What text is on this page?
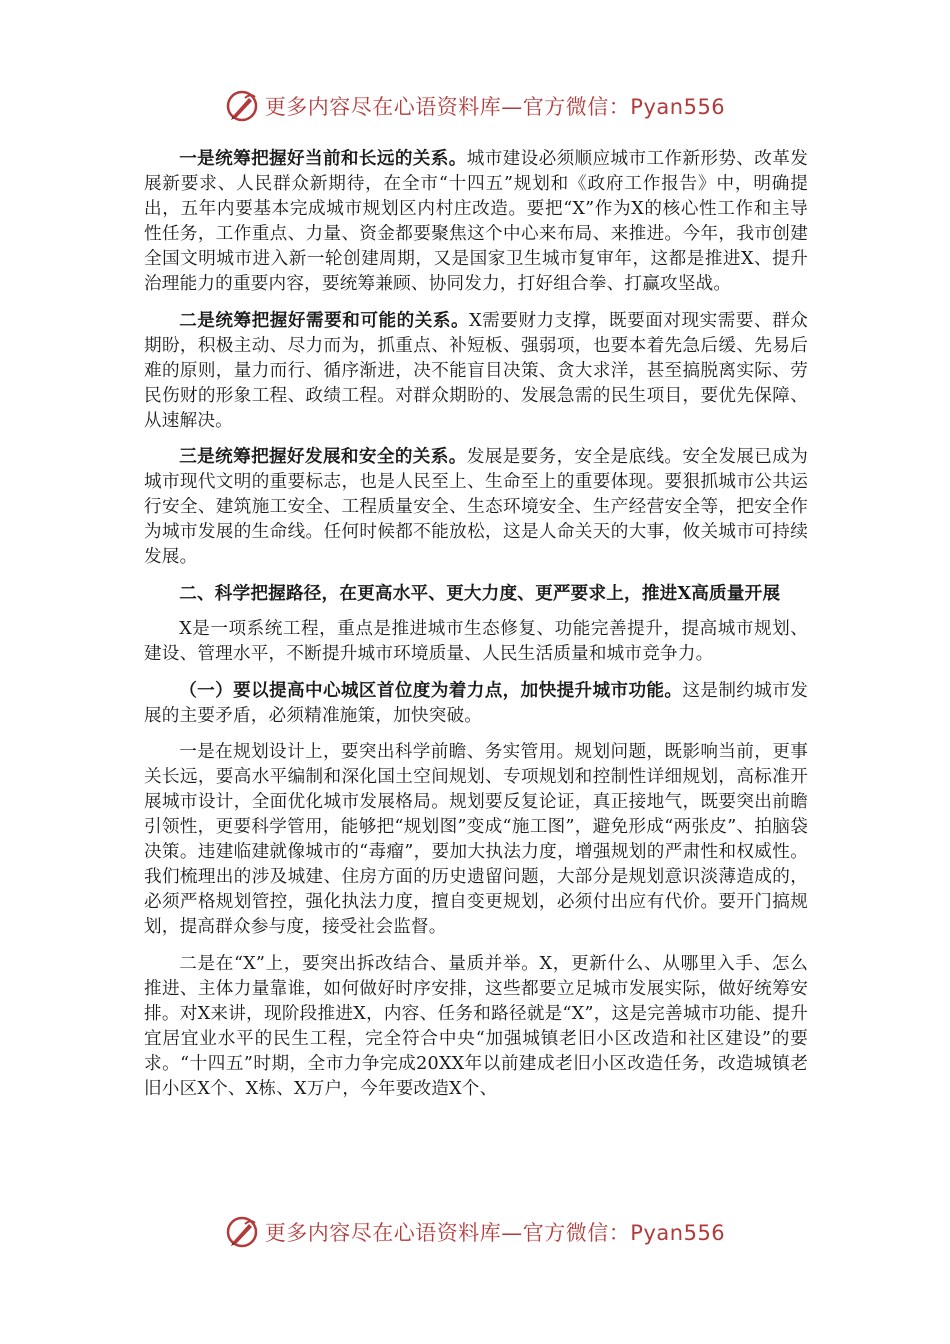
更多内容尽在心语资料库—官方微信：Pyan556

一是统筹把握好当前和长远的关系。城市建设必须顺应城市工作新形势、改革发展新要求、人民群众新期待，在全市“十四五”规划和《政府工作报告》中，明确提出，五年内要基本完成城市规划区内村庄改造。要把“X”作为X的核心性工作和主导性任务，工作重点、力量、资金都要聚焦这个中心来布局、来推进。今年，我市创建全国文明城市进入新一轮创建周期，又是国家卫生城市复审年，这都是推进X、提升治理能力的重要内容，要统筹兼顾、协同发力，打好组合拳、打赢攻坚战。

二是统筹把握好需要和可能的关系。X需要财力支撑，既要面对现实需要、群众期盼，积极主动、尽力而为，抓重点、补短板、强弱项，也要本着先急后缓、先易后难的原则，量力而行、循序渐进，决不能盲目决策、贪大求洋，甚至搞脱离实际、劳民伤财的形象工程、政绩工程。对群众期盼的、发展急需的民生项目，要优先保障、从速解决。

三是统筹把握好发展和安全的关系。发展是要务，安全是底线。安全发展已成为城市现代文明的重要标志，也是人民至上、生命至上的重要体现。要狠抓城市公共运行安全、建筑施工安全、工程质量安全、生态环境安全、生产经营安全等，把安全作为城市发展的生命线。任何时候都不能放松，这是人命关天的大事，攸关城市可持续发展。

二、科学把握路径，在更高水平、更大力度、更严要求上，推进X高质量开展

X是一项系统工程，重点是推进城市生态修复、功能完善提升，提高城市规划、建设、管理水平，不断提升城市环境质量、人民生活质量和城市竞争力。

（一）要以提高中心城区首位度为着力点，加快提升城市功能。这是制约城市发展的主要矛盾，必须精准施策，加快突破。

一是在规划设计上，要突出科学前瞻、务实管用。规划问题，既影响当前，更事关长远，要高水平编制和深化国土空间规划、专项规划和控制性详细规划，高标准开展城市设计，全面优化城市发展格局。规划要反复论证，真正接地气，既要突出前瞻引领性，更要科学管用，能够把“规划图”变成“施工图”，避免形成“两张皮”、拍脑袋决策。违建临建就像城市的“毒瘤”，要加大执法力度，增强规划的严肃性和权威性。我们梳理出的涉及城建、住房方面的历史遗留问题，大部分是规划意识淡薄造成的，必须严格规划管控，强化执法力度，擅自变更规划，必须付出应有代价。要开门搞规划，提高群众参与度，接受社会监督。

二是在“X”上，要突出拆改结合、量质并举。X，更新什么、从哪里入手、怎么推进、主体力量靠谁，如何做好时序安排，这些都要立足城市发展实际，做好统筹安排。对X来讲，现阶段推进X，内容、任务和路径就是“X”，这是完善城市功能、提升宜居宜业水平的民生工程，完全符合中央“加强城镇老旧小区改造和社区建设”的要求。“十四五”时期，全市力争完成20XX年以前建成老旧小区改造任务，改造城镇老旧小区X个、X栋、X万户，今年要改造X个、

更多内容尽在心语资料库—官方微信：Pyan556
